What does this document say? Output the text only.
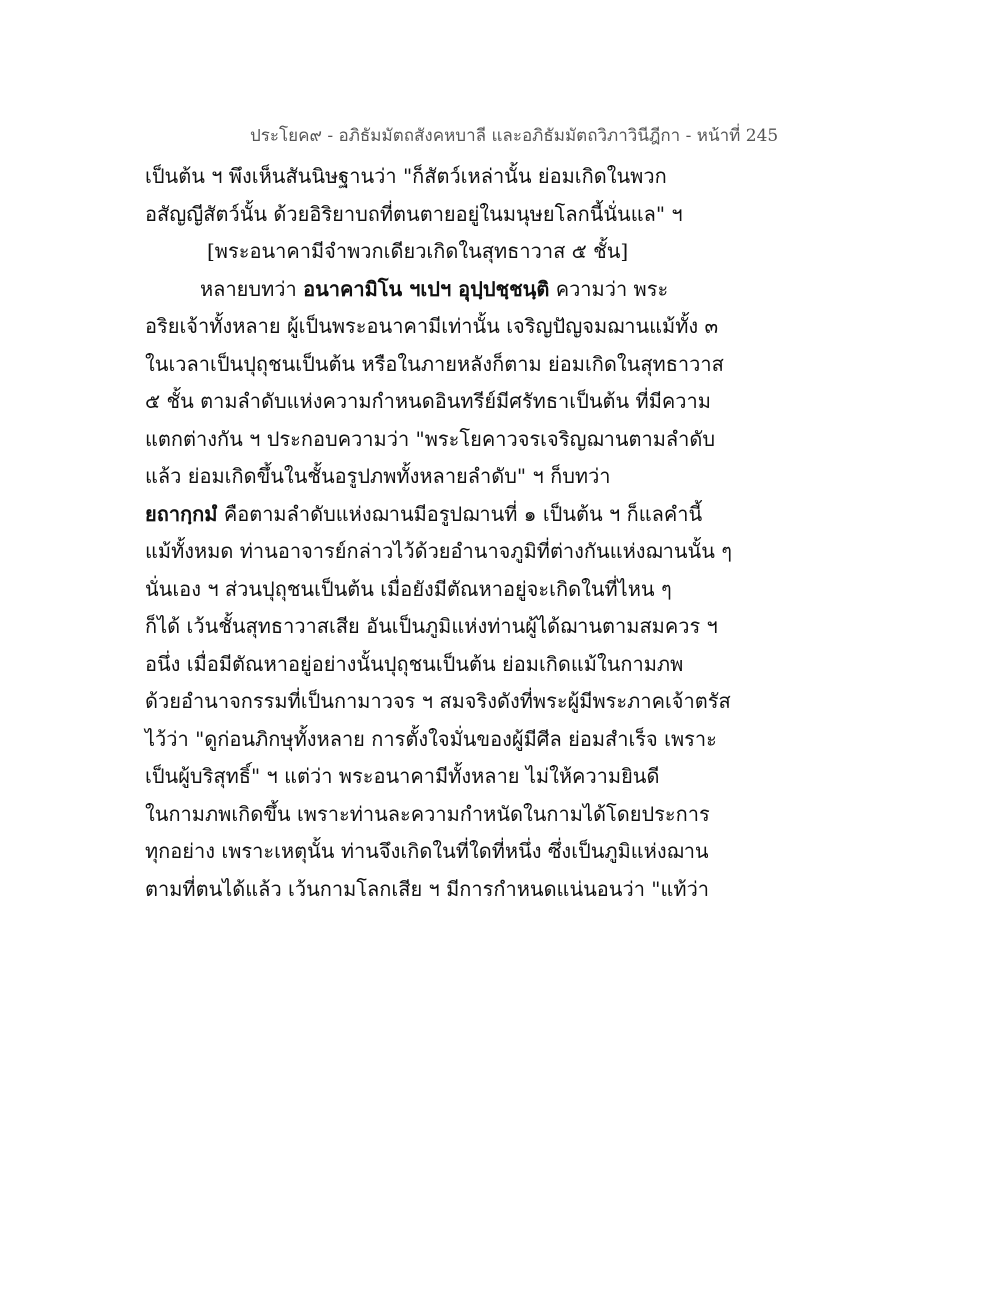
ประโยค๙ - อภิธัมมัตถสังคหบาลี และอภิธัมมัตถวิภาวินีฎีกา - หน้าที่ 245
เป็นต้น ฯ พึงเห็นสันนิษฐานว่า "ก็สัตว์เหล่านั้น ย่อมเกิดในพวก
อสัญญีสัตว์นั้น ด้วยอิริยาบถที่ตนตายอยู่ในมนุษยโลกนี้นั่นแล" ฯ
[พระอนาคามีจำพวกเดียวเกิดในสุทธาวาส ๕ ชั้น]
หลายบทว่า อนาคามิโน ฯเปฯ อุปฺปชฺชนฺติ ความว่า พระ
อริยเจ้าทั้งหลาย ผู้เป็นพระอนาคามีเท่านั้น เจริญปัญจมฌานแม้ทั้ง ๓
ในเวลาเป็นปุถุชนเป็นต้น หรือในภายหลังก็ตาม ย่อมเกิดในสุทธาวาส
๕ ชั้น ตามลำดับแห่งความกำหนดอินทรีย์มีศรัทธาเป็นต้น ที่มีความ
แตกต่างกัน ฯ ประกอบความว่า "พระโยคาวจรเจริญฌานตามลำดับ
แล้ว ย่อมเกิดขึ้นในชั้นอรูปภพทั้งหลายลำดับ" ฯ ก็บทว่า
ยถากฺกมํ คือตามลำดับแห่งฌานมีอรูปฌานที่ ๑ เป็นต้น ฯ ก็แลคำนี้
แม้ทั้งหมด ท่านอาจารย์กล่าวไว้ด้วยอำนาจภูมิที่ต่างกันแห่งฌานนั้น ๆ
นั่นเอง ฯ ส่วนปุถุชนเป็นต้น เมื่อยังมีตัณหาอยู่จะเกิดในที่ไหน ๆ
ก็ได้ เว้นชั้นสุทธาวาสเสีย อันเป็นภูมิแห่งท่านผู้ได้ฌานตามสมควร ฯ
อนึ่ง เมื่อมีตัณหาอยู่อย่างนั้นปุถุชนเป็นต้น ย่อมเกิดแม้ในกามภพ
ด้วยอำนาจกรรมที่เป็นกามาวจร ฯ สมจริงดังที่พระผู้มีพระภาคเจ้าตรัส
ไว้ว่า "ดูก่อนภิกษุทั้งหลาย การตั้งใจมั่นของผู้มีศีล ย่อมสำเร็จ เพราะ
เป็นผู้บริสุทธิ์" ฯ แต่ว่า พระอนาคามีทั้งหลาย ไม่ให้ความยินดี
ในกามภพเกิดขึ้น เพราะท่านละความกำหนัดในกามได้โดยประการ
ทุกอย่าง เพราะเหตุนั้น ท่านจึงเกิดในที่ใดที่หนึ่ง ซึ่งเป็นภูมิแห่งฌาน
ตามที่ตนได้แล้ว เว้นกามโลกเสีย ฯ มีการกำหนดแน่นอนว่า "แท้ว่า
